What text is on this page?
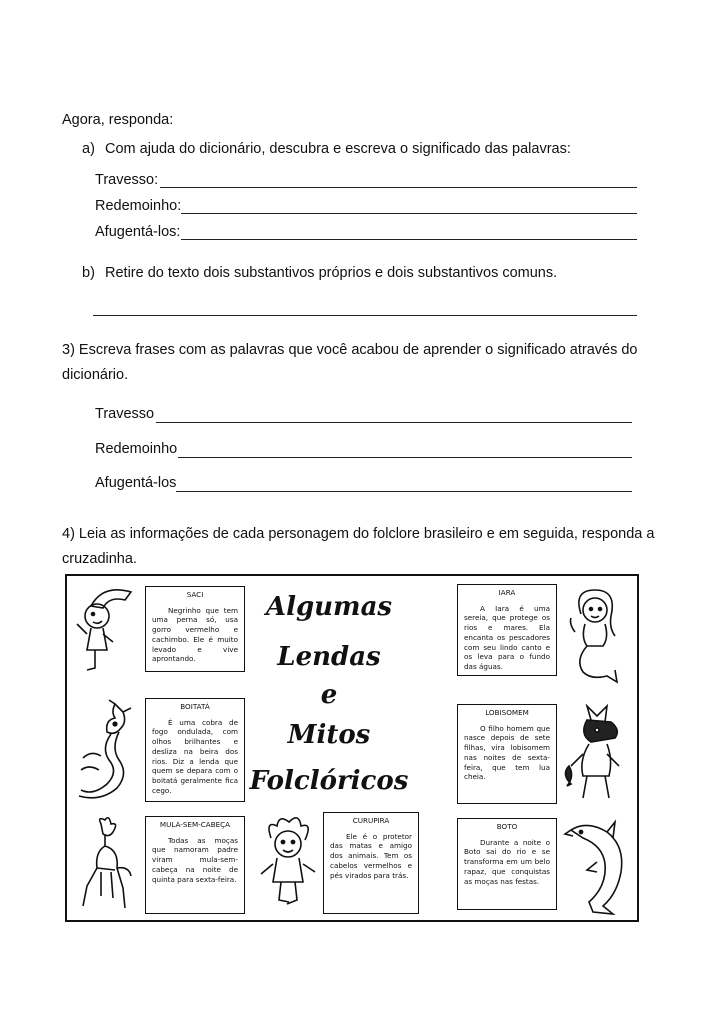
Agora, responda:
a) Com ajuda do dicionário, descubra e escreva o significado das palavras:
Travesso:
Redemoinho:
Afugentá-los:
b) Retire do texto dois substantivos próprios e dois substantivos comuns.
3) Escreva frases com as palavras que você acabou de aprender o significado através do
dicionário.
Travesso
Redemoinho
Afugentá-los
4) Leia as informações de cada personagem do folclore brasileiro e em seguida, responda a
cruzadinha.
Algumas
Lendas
e
Mitos
Folclóricos
SACI
Negrinho que tem uma perna só, usa gorro vermelho e cachimbo. Ele é muito levado e vive aprontando.
BOITATÁ
É uma cobra de fogo ondulada, com olhos brilhantes e desliza na beira dos rios. Diz a lenda que quem se depara com o boitatá geralmente fica cego.
MULA-SEM-CABEÇA
Todas as moças que namoram padre viram mula-sem-cabeça na noite de quinta para sexta-feira.
CURUPIRA
Ele é o protetor das matas e amigo dos animais. Tem os cabelos vermelhos e pés virados para trás.
IARA
A Iara é uma sereia, que protege os rios e mares. Ela encanta os pescadores com seu lindo canto e os leva para o fundo das águas.
LOBISOMEM
O filho homem que nasce depois de sete filhas, vira lobisomem nas noites de sexta-feira, que tem lua cheia.
BOTO
Durante a noite o Boto sai do rio e se transforma em um belo rapaz, que conquistas as moças nas festas.
